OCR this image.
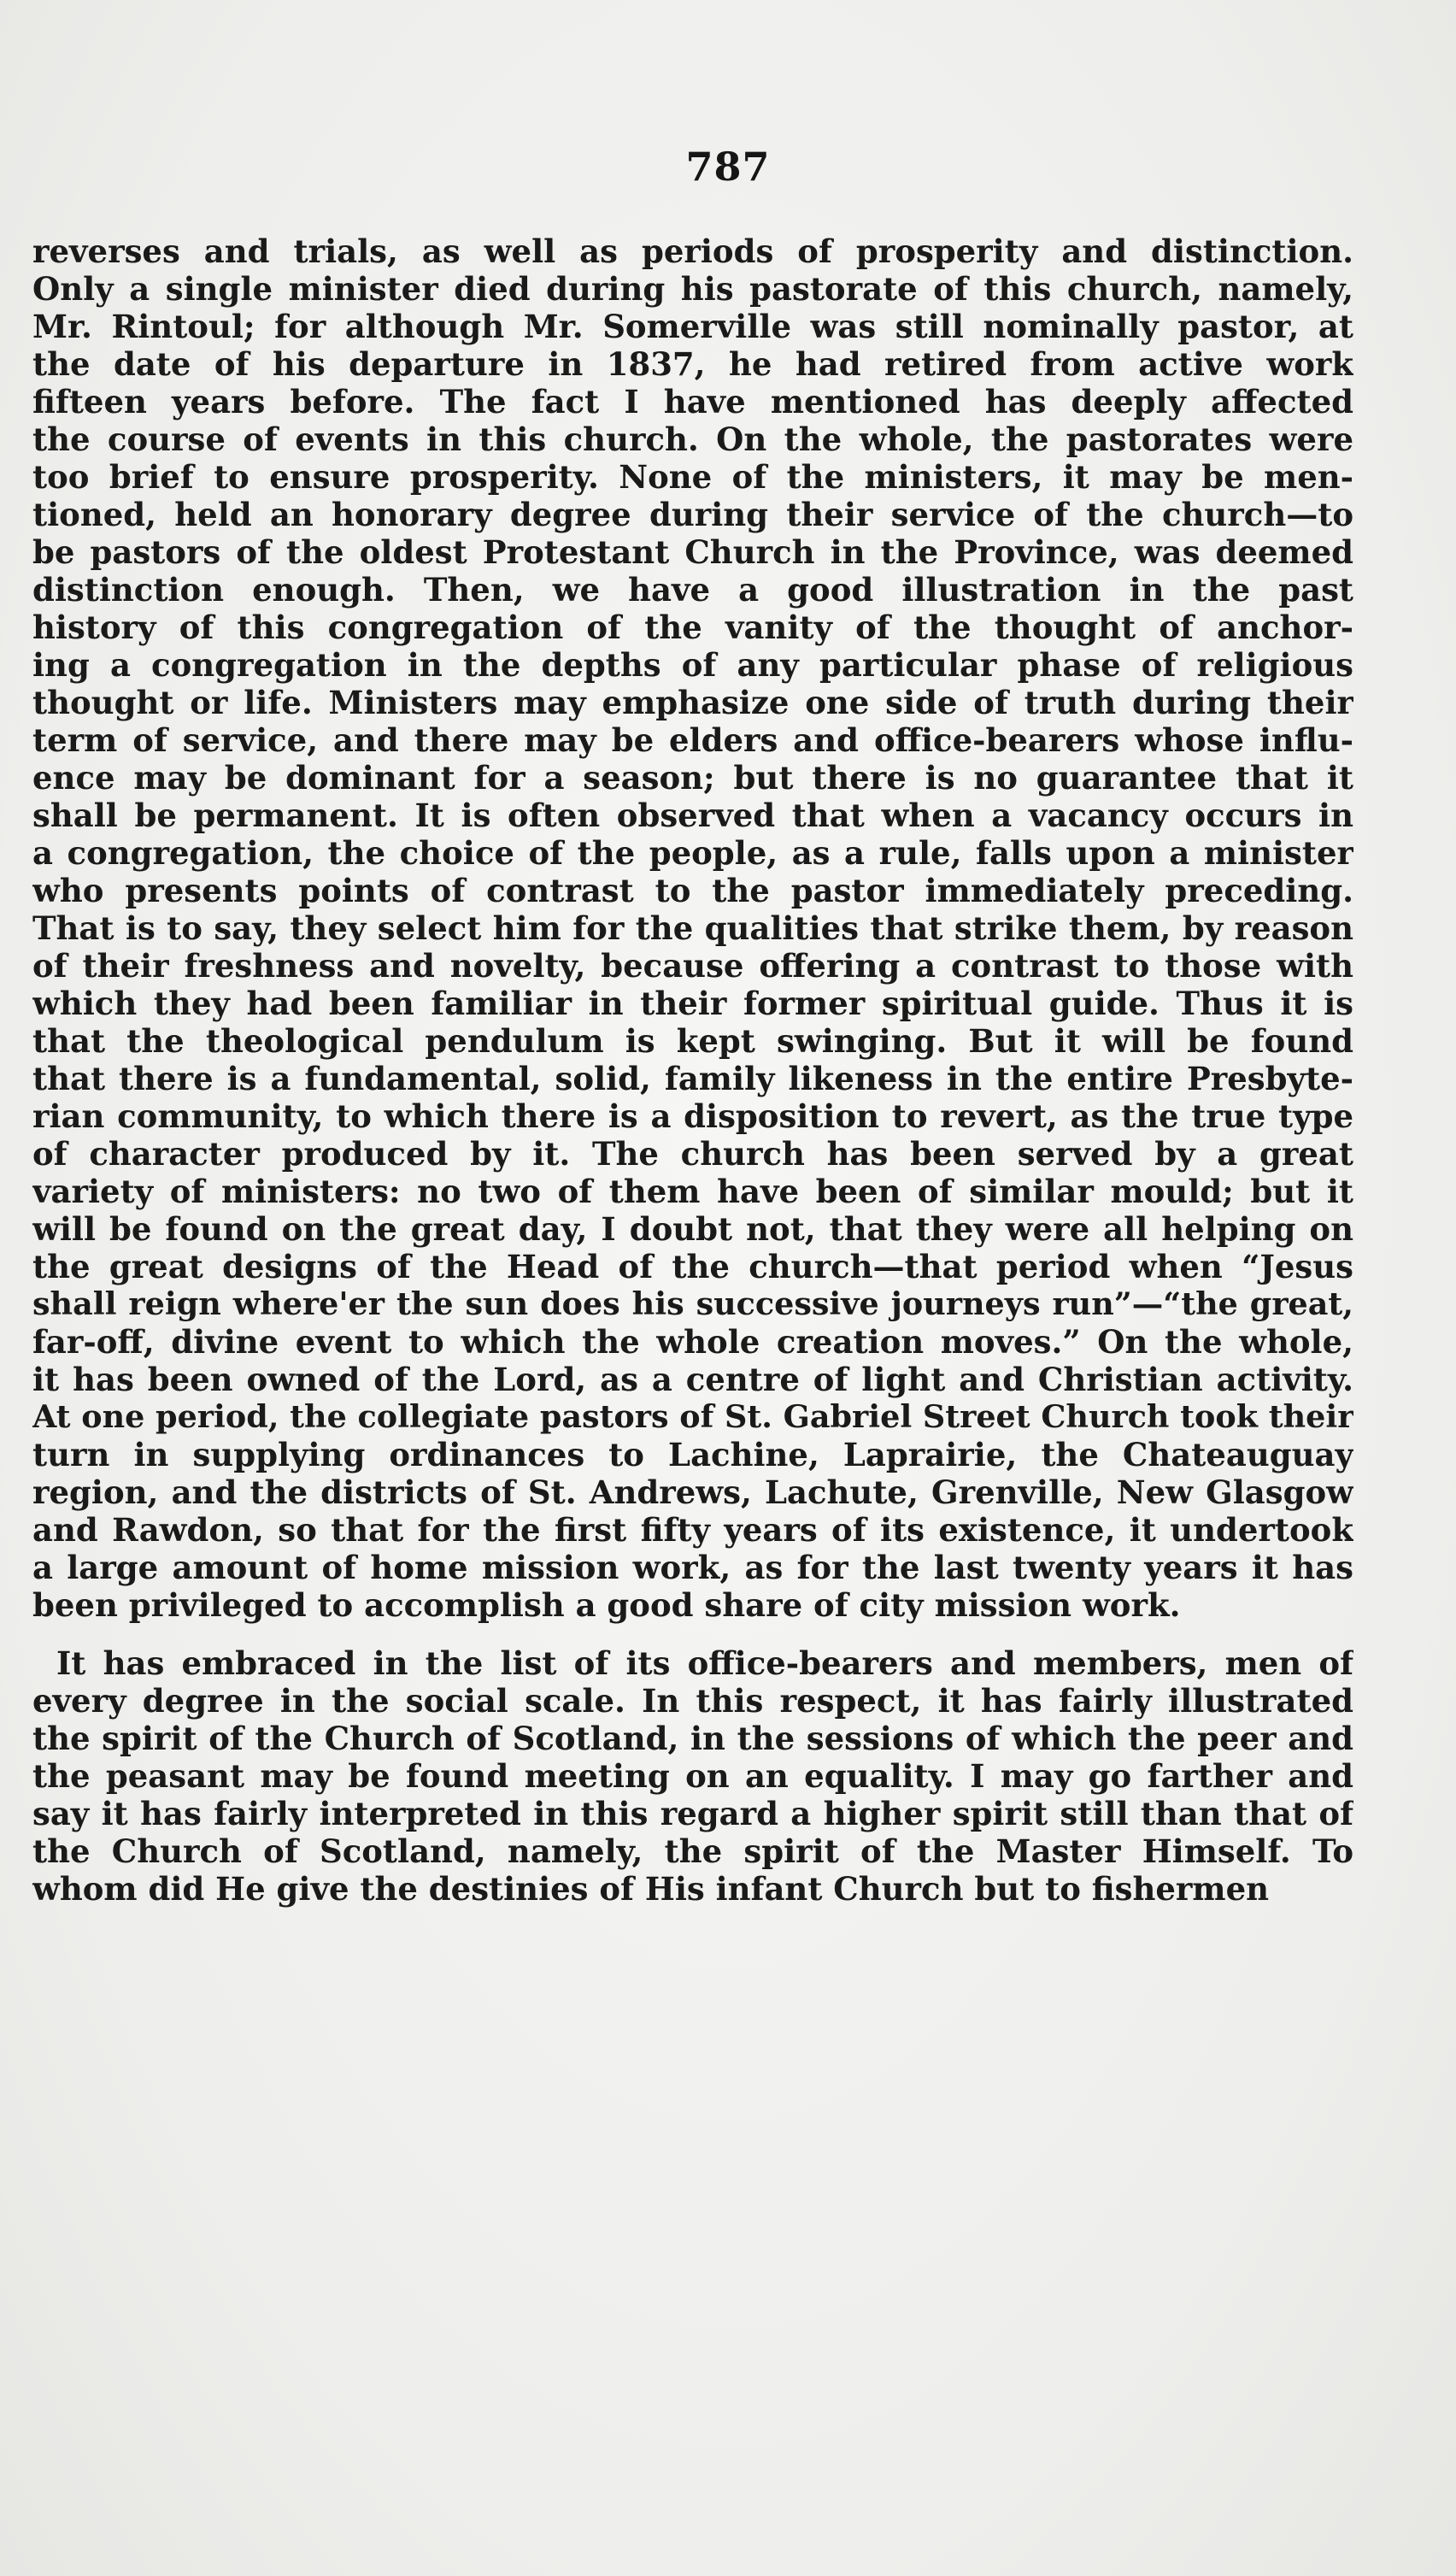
787
reverses and trials, as well as periods of prosperity and distinction.
Only a single minister died during his pastorate of this church, namely,
Mr. Rintoul; for although Mr. Somerville was still nominally pastor, at
the date of his departure in 1837, he had retired from active work
fifteen years before. The fact I have mentioned has deeply affected
the course of events in this church. On the whole, the pastorates were
too brief to ensure prosperity. None of the ministers, it may be men-
tioned, held an honorary degree during their service of the church—to
be pastors of the oldest Protestant Church in the Province, was deemed
distinction enough. Then, we have a good illustration in the past
history of this congregation of the vanity of the thought of anchor-
ing a congregation in the depths of any particular phase of religious
thought or life. Ministers may emphasize one side of truth during their
term of service, and there may be elders and office-bearers whose influ-
ence may be dominant for a season; but there is no guarantee that it
shall be permanent. It is often observed that when a vacancy occurs in
a congregation, the choice of the people, as a rule, falls upon a minister
who presents points of contrast to the pastor immediately preceding.
That is to say, they select him for the qualities that strike them, by reason
of their freshness and novelty, because offering a contrast to those with
which they had been familiar in their former spiritual guide. Thus it is
that the theological pendulum is kept swinging. But it will be found
that there is a fundamental, solid, family likeness in the entire Presbyte-
rian community, to which there is a disposition to revert, as the true type
of character produced by it. The church has been served by a great
variety of ministers: no two of them have been of similar mould; but it
will be found on the great day, I doubt not, that they were all helping on
the great designs of the Head of the church—that period when “Jesus
shall reign where'er the sun does his successive journeys run”—“the great,
far-off, divine event to which the whole creation moves.” On the whole,
it has been owned of the Lord, as a centre of light and Christian activity.
At one period, the collegiate pastors of St. Gabriel Street Church took their
turn in supplying ordinances to Lachine, Laprairie, the Chateauguay
region, and the districts of St. Andrews, Lachute, Grenville, New Glasgow
and Rawdon, so that for the first fifty years of its existence, it undertook
a large amount of home mission work, as for the last twenty years it has
been privileged to accomplish a good share of city mission work.
It has embraced in the list of its office-bearers and members, men of
every degree in the social scale. In this respect, it has fairly illustrated
the spirit of the Church of Scotland, in the sessions of which the peer and
the peasant may be found meeting on an equality. I may go farther and
say it has fairly interpreted in this regard a higher spirit still than that of
the Church of Scotland, namely, the spirit of the Master Himself. To
whom did He give the destinies of His infant Church but to fishermen
